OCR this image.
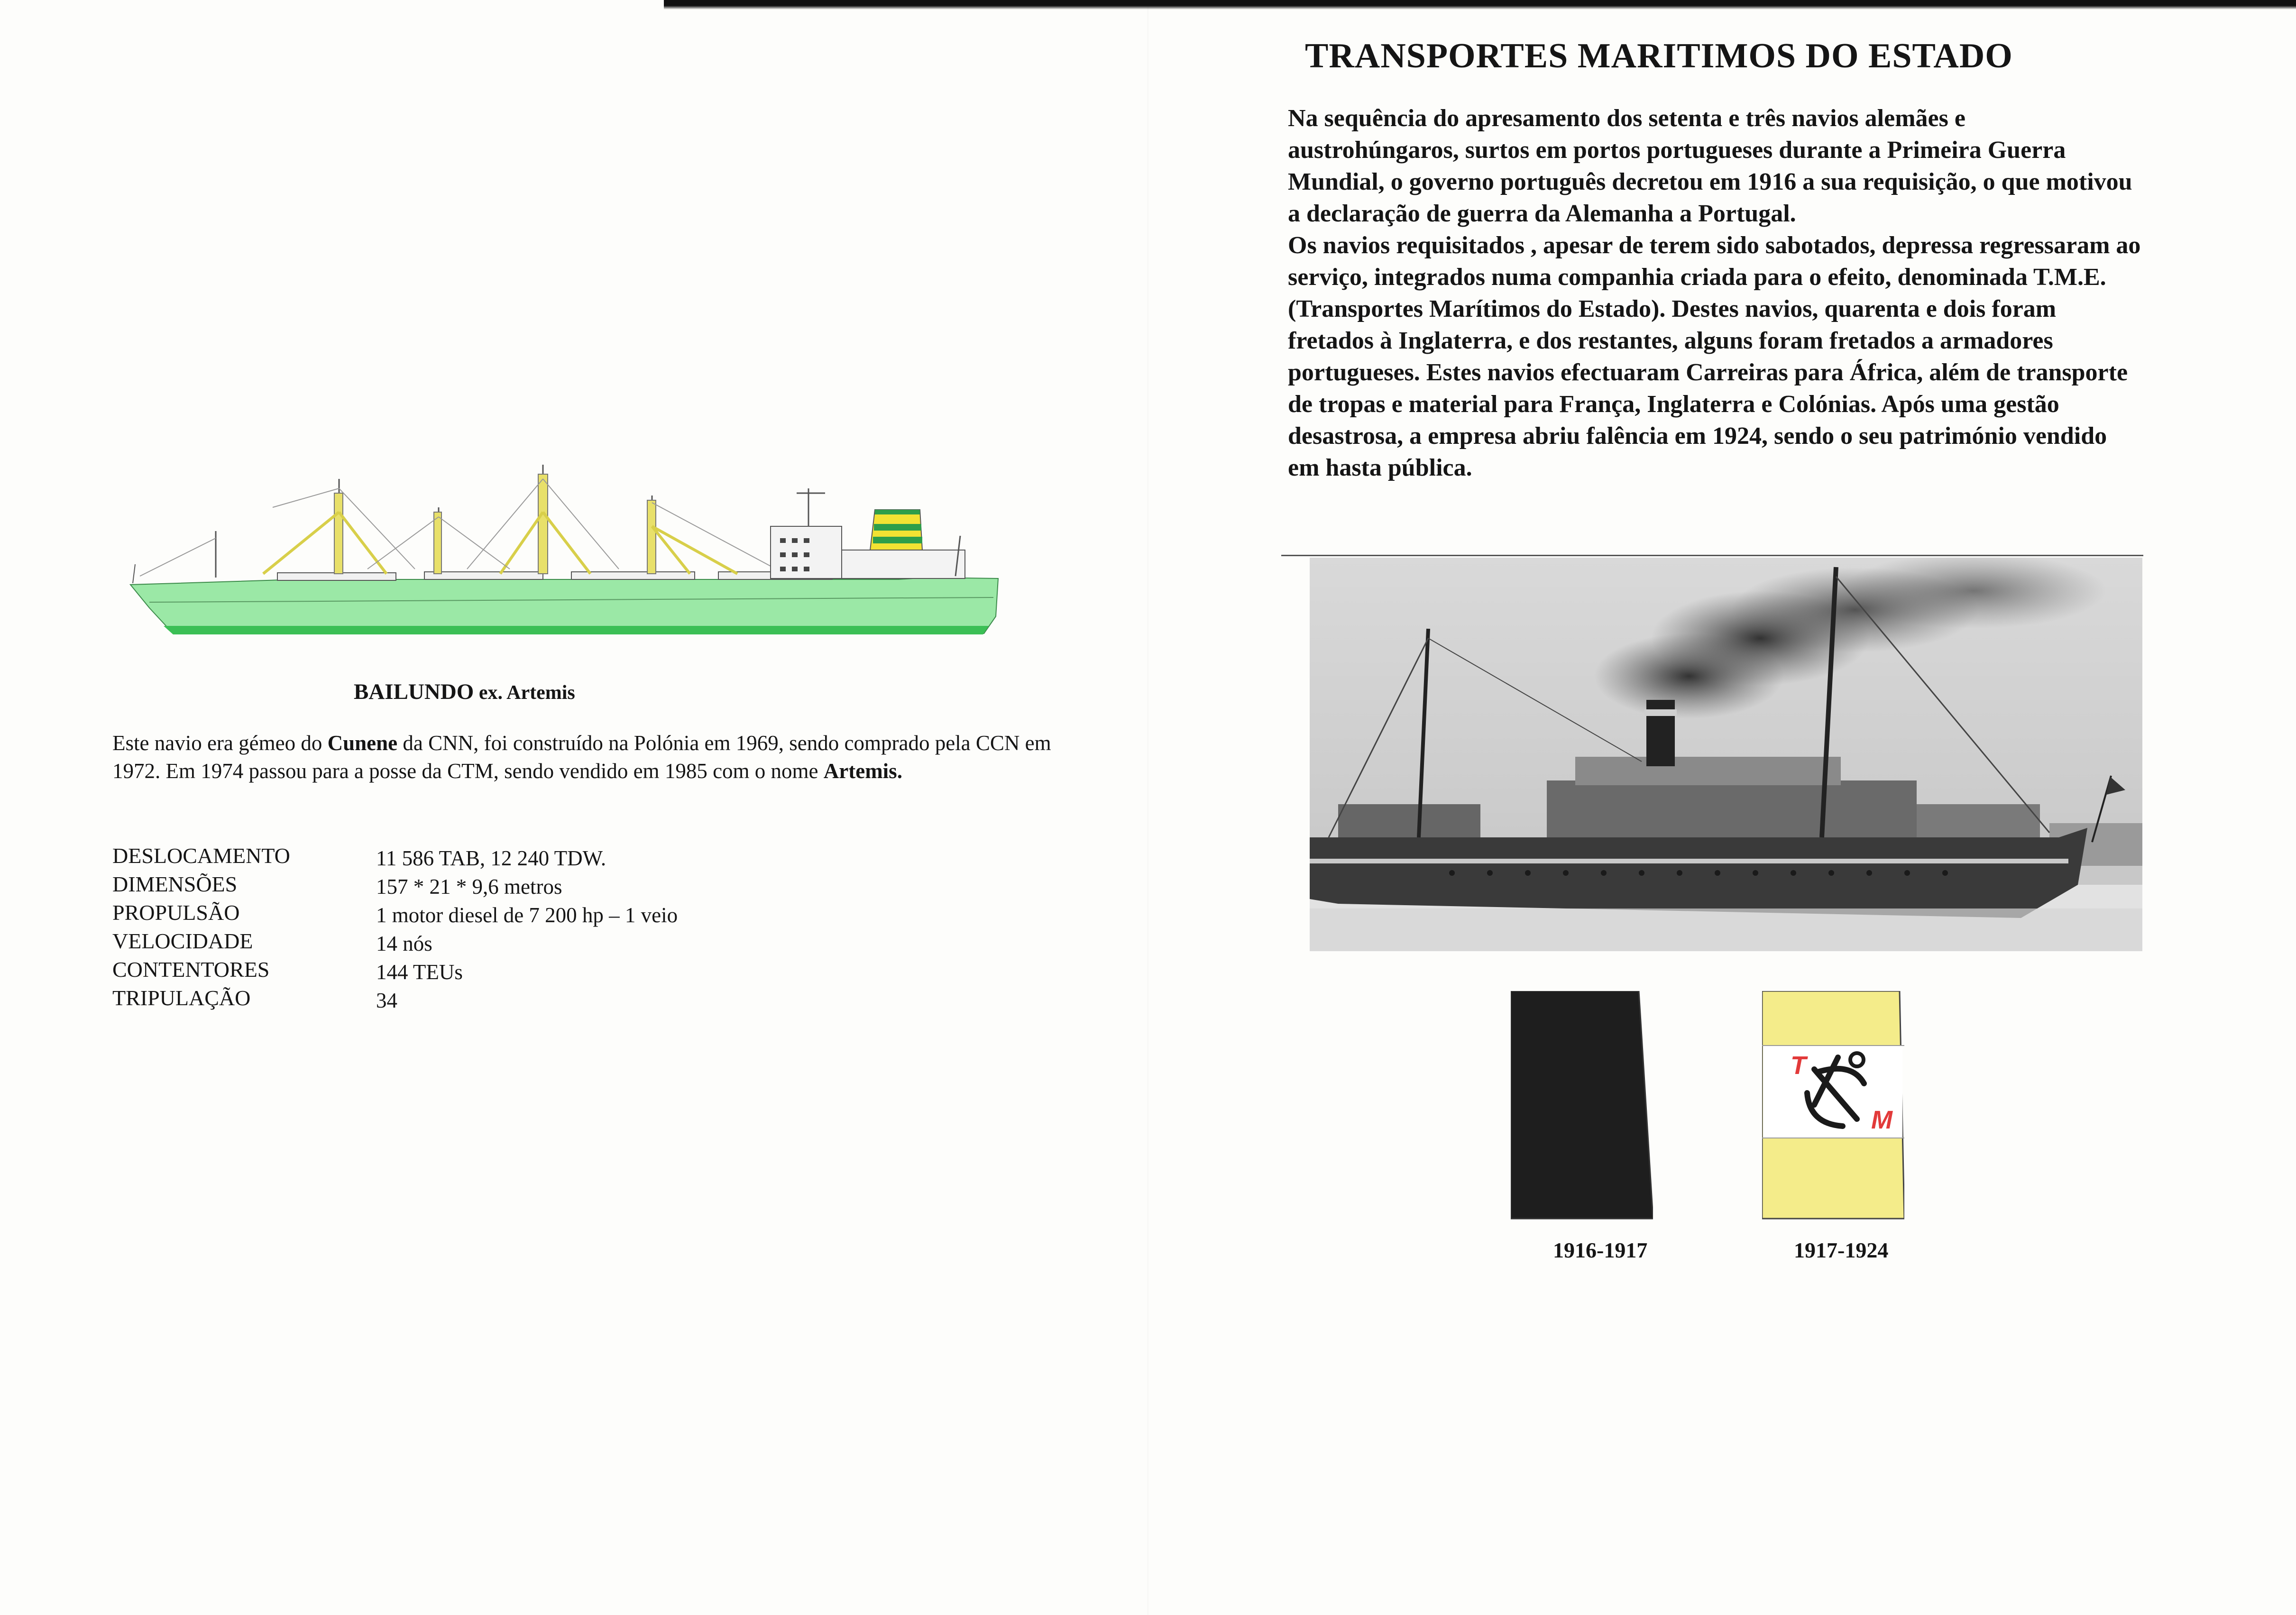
BAILUNDO ex. Artemis

Este navio era gémeo do Cunene da CNN, foi construído na Polónia em 1969, sendo comprado pela CCN em 1972. Em 1974 passou para a posse da CTM, sendo vendido em 1985 com o nome Artemis.

DESLOCAMENTO	11 586 TAB, 12 240 TDW.
DIMENSÕES	157 * 21 * 9,6 metros
PROPULSÃO	1 motor diesel de 7 200 hp – 1 veio
VELOCIDADE	14 nós
CONTENTORES	144 TEUs
TRIPULAÇÃO	34
TRANSPORTES MARITIMOS DO ESTADO

Na sequência do apresamento dos setenta e três navios alemães e austrohúngaros, surtos em portos portugueses durante a Primeira Guerra Mundial, o governo português decretou em 1916 a sua requisição, o que motivou a declaração de guerra da Alemanha a Portugal.

Os navios requisitados , apesar de terem sido sabotados, depressa regressaram ao serviço, integrados numa companhia criada para o efeito, denominada T.M.E. (Transportes Marítimos do Estado). Destes navios, quarenta e dois foram fretados à Inglaterra, e dos restantes, alguns foram fretados a armadores portugueses. Estes navios efectuaram Carreiras para África, além de transporte de tropas e material para França, Inglaterra e Colónias. Após uma gestão desastrosa, a empresa abriu falência em 1924, sendo o seu património vendido em hasta pública.

T
M
1916-1917	1917-1924
